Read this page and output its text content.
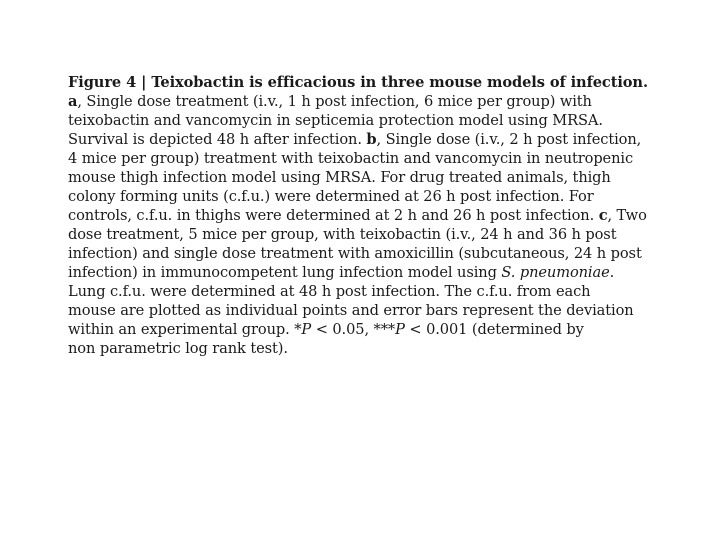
Figure 4 | Teixobactin is efficacious in three mouse models of infection.
a, Single dose treatment (i.v., 1 h post infection, 6 mice per group) with
teixobactin and vancomycin in septicemia protection model using MRSA.
Survival is depicted 48 h after infection. b, Single dose (i.v., 2 h post infection,
4 mice per group) treatment with teixobactin and vancomycin in neutropenic
mouse thigh infection model using MRSA. For drug treated animals, thigh
colony forming units (c.f.u.) were determined at 26 h post infection. For
controls, c.f.u. in thighs were determined at 2 h and 26 h post infection. c, Two
dose treatment, 5 mice per group, with teixobactin (i.v., 24 h and 36 h post
infection) and single dose treatment with amoxicillin (subcutaneous, 24 h post
infection) in immunocompetent lung infection model using S. pneumoniae.
Lung c.f.u. were determined at 48 h post infection. The c.f.u. from each
mouse are plotted as individual points and error bars represent the deviation
within an experimental group. *P < 0.05, ***P < 0.001 (determined by
non parametric log rank test).
